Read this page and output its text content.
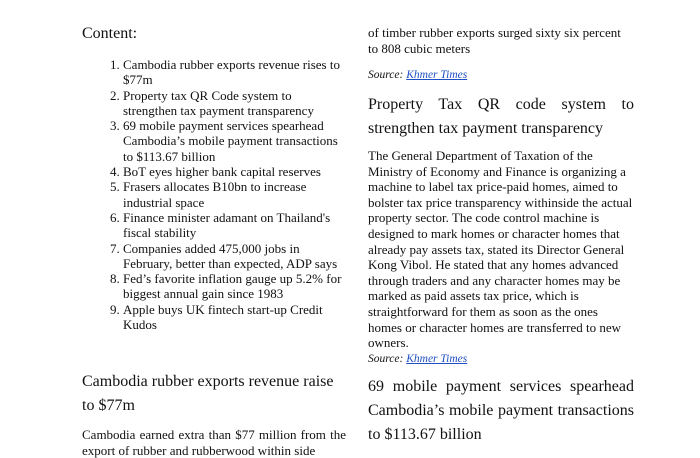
Content:
1. Cambodia rubber exports revenue rises to $77m
2. Property tax QR Code system to strengthen tax payment transparency
3. 69 mobile payment services spearhead Cambodia’s mobile payment transactions to $113.67 billion
4. BoT eyes higher bank capital reserves
5. Frasers allocates B10bn to increase industrial space
6. Finance minister adamant on Thailand's fiscal stability
7. Companies added 475,000 jobs in February, better than expected, ADP says
8. Fed’s favorite inflation gauge up 5.2% for biggest annual gain since 1983
9. Apple buys UK fintech start-up Credit Kudos
Cambodia rubber exports revenue raise to $77m
Cambodia earned extra than $77 million from the export of rubber and rubberwood within side
of timber rubber exports surged sixty six percent to 808 cubic meters
Source: Khmer Times
Property Tax QR code system to strengthen tax payment transparency
The General Department of Taxation of the Ministry of Economy and Finance is organizing a machine to label tax price-paid homes, aimed to bolster tax price transparency withinside the actual property sector. The code control machine is designed to mark homes or character homes that already pay assets tax, stated its Director General Kong Vibol. He stated that any homes advanced through traders and any character homes may be marked as paid assets tax price, which is straightforward for them as soon as the ones homes or character homes are transferred to new owners.
Source: Khmer Times
69 mobile payment services spearhead Cambodia’s mobile payment transactions to $113.67 billion
